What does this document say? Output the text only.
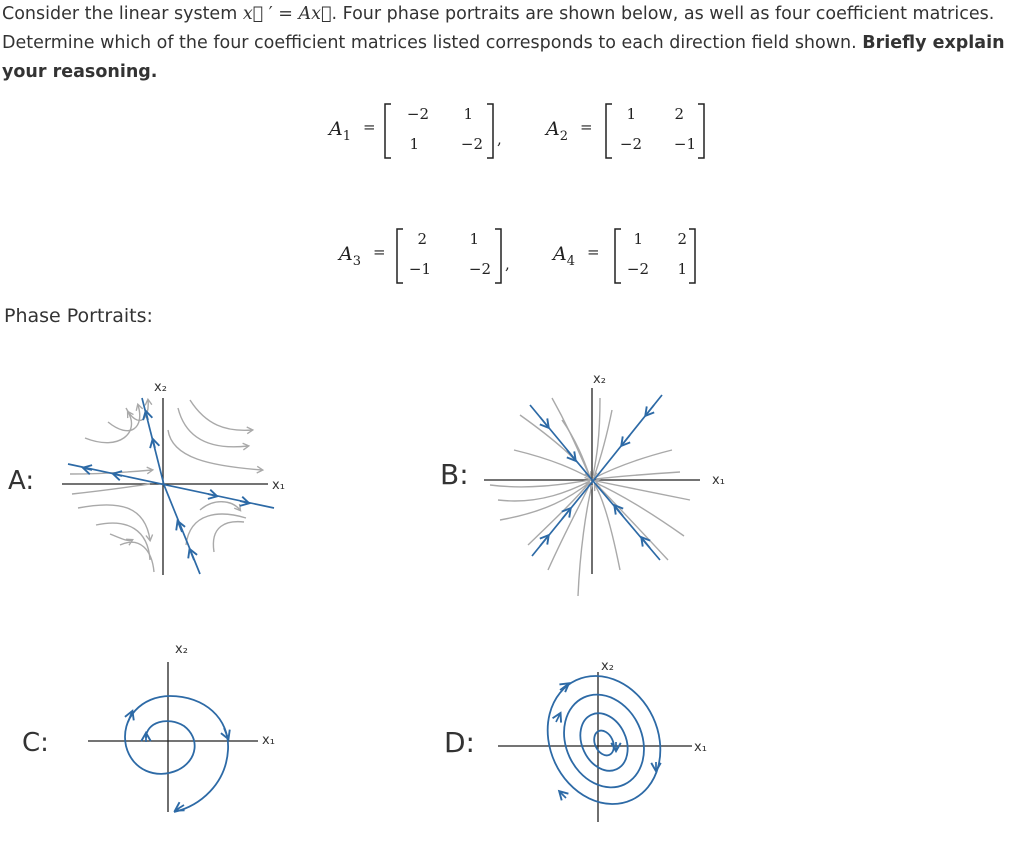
Consider the linear system x⃗ ′ = Ax⃗. Four phase portraits are shown below, as well as four coefficient matrices. Determine which of the four coefficient matrices listed corresponds to each direction field shown. Briefly explain your reasoning.
$A_1$
=
−2	1
1	−2 , $A_2$
=
1	2
−2	−1
$A_3$
=
2	1
−1	−2 , $A_4$
=
1	2
−2	1
Phase Portraits:
A:	B:
C:	D:
x₂
x₁
x₂
x₁
x₂
x₁
x₂
x₁
